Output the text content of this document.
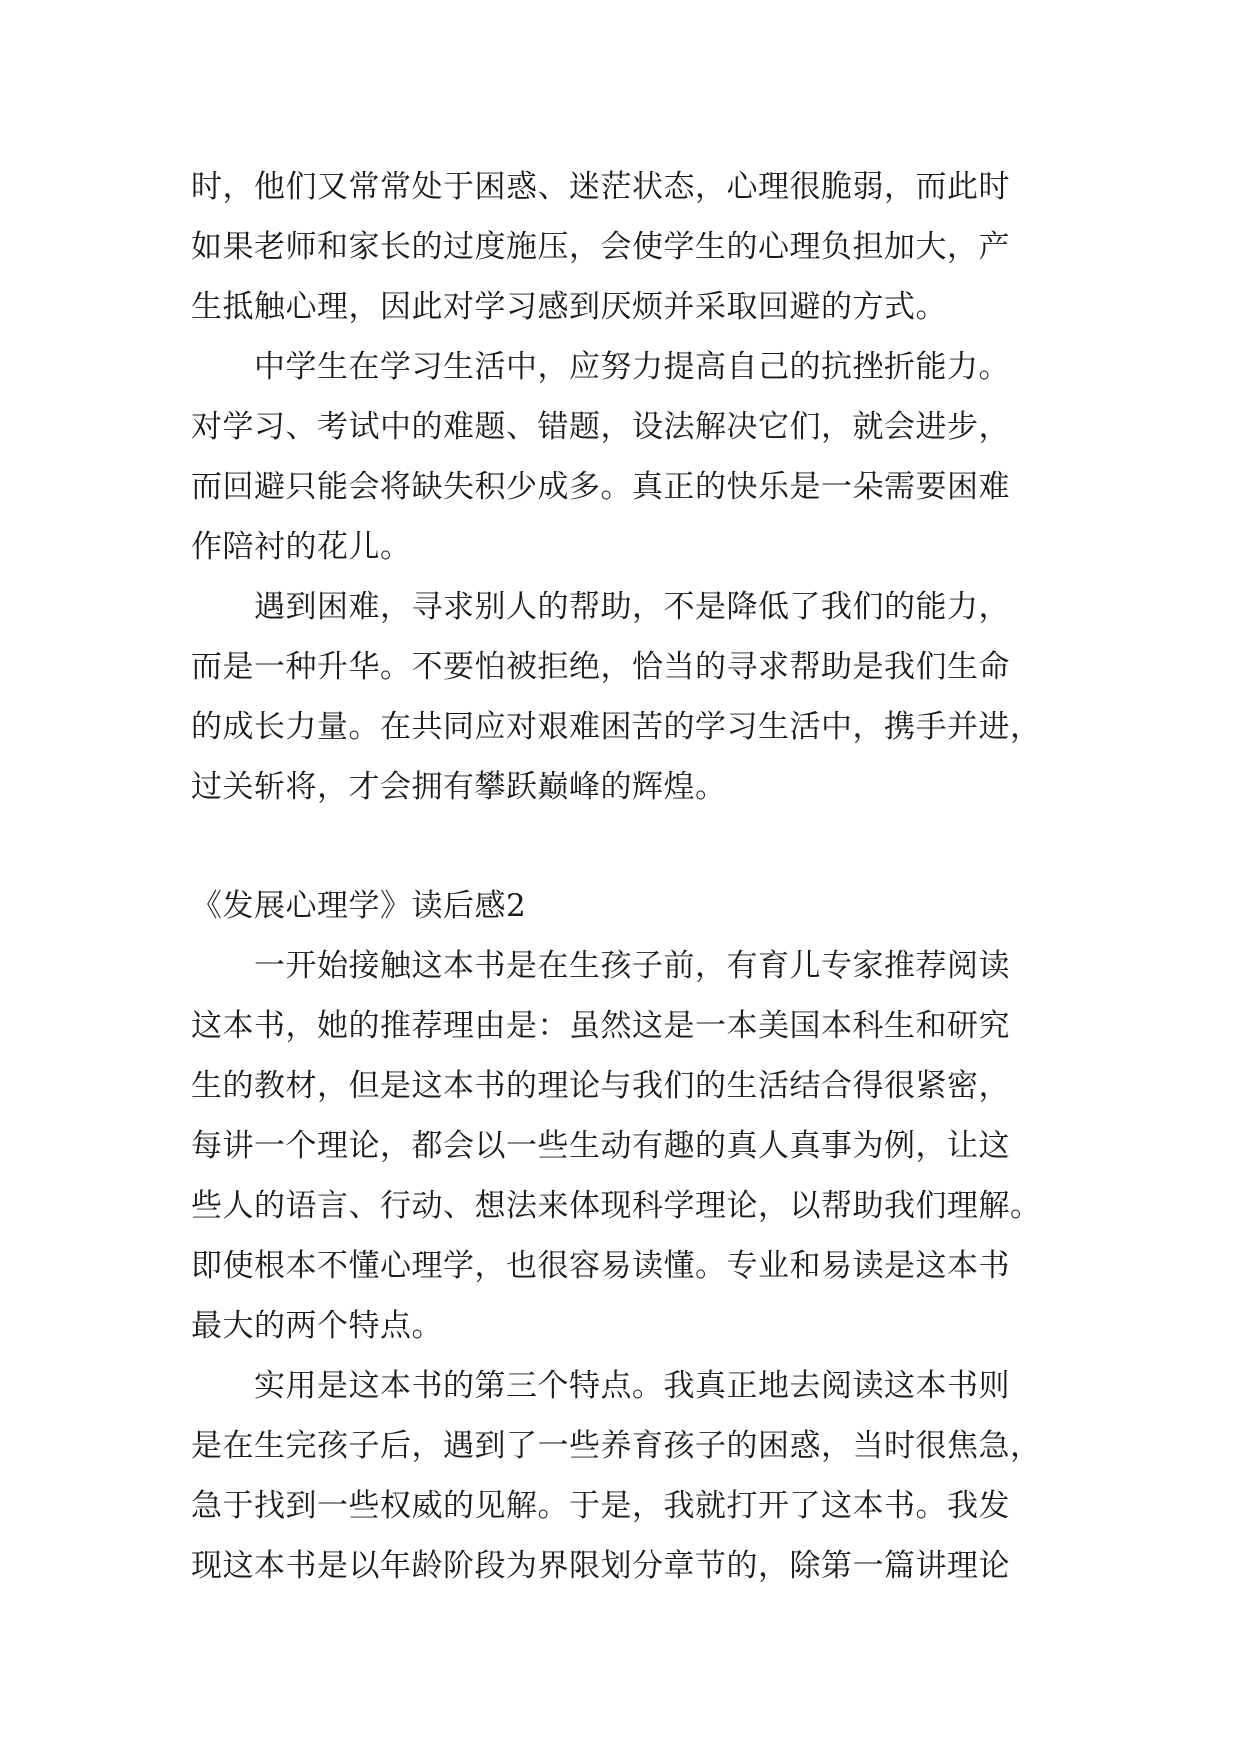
时，他们又常常处于困惑、迷茫状态，心理很脆弱，而此时
如果老师和家长的过度施压，会使学生的心理负担加大，产
生抵触心理，因此对学习感到厌烦并采取回避的方式。
　　中学生在学习生活中，应努力提高自己的抗挫折能力。
对学习、考试中的难题、错题，设法解决它们，就会进步，
而回避只能会将缺失积少成多。真正的快乐是一朵需要困难
作陪衬的花儿。
　　遇到困难，寻求别人的帮助，不是降低了我们的能力，
而是一种升华。不要怕被拒绝，恰当的寻求帮助是我们生命
的成长力量。在共同应对艰难困苦的学习生活中，携手并进，
过关斩将，才会拥有攀跃巅峰的辉煌。
《发展心理学》读后感2
　　一开始接触这本书是在生孩子前，有育儿专家推荐阅读
这本书，她的推荐理由是：虽然这是一本美国本科生和研究
生的教材，但是这本书的理论与我们的生活结合得很紧密，
每讲一个理论，都会以一些生动有趣的真人真事为例，让这
些人的语言、行动、想法来体现科学理论，以帮助我们理解。
即使根本不懂心理学，也很容易读懂。专业和易读是这本书
最大的两个特点。
　　实用是这本书的第三个特点。我真正地去阅读这本书则
是在生完孩子后，遇到了一些养育孩子的困惑，当时很焦急，
急于找到一些权威的见解。于是，我就打开了这本书。我发
现这本书是以年龄阶段为界限划分章节的，除第一篇讲理论
